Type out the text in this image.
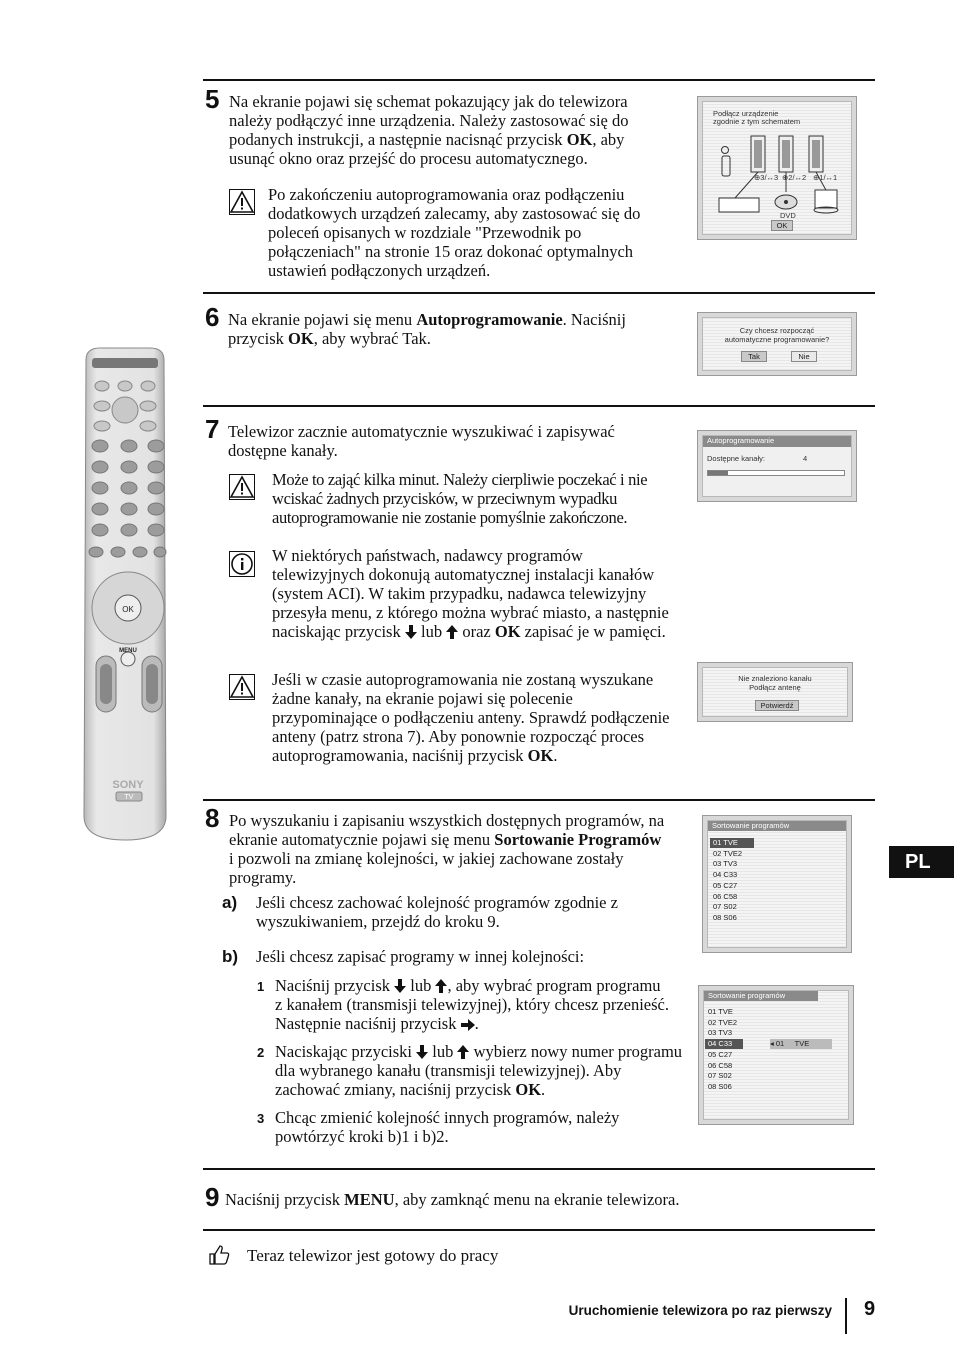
5 Na ekranie pojawi się schemat pokazujący jak do telewizora należy podłączyć inne urządzenia. Należy zastosować się do podanych instrukcji, a następnie nacisnąć przycisk OK, aby usunąć okno oraz przejść do procesu automatycznego.
Po zakończeniu autoprogramowania oraz podłączeniu dodatkowych urządzeń zalecamy, aby zastosować się do poleceń opisanych w rozdziale "Przewodnik po połączeniach" na stronie 15 oraz dokonać optymalnych ustawień podłączonych urządzeń.
Podłącz urządzenie
zgodnie z tym schematem
⊕3/↔3 ⊕2/↔2 ⊕1/↔1
DVD
OK
6 Na ekranie pojawi się menu Autoprogramowanie. Naciśnij przycisk OK, aby wybrać Tak.	Czy chcesz rozpocząć
automatyczne programowanie?
Tak	Nie
7 Telewizor zacznie automatycznie wyszukiwać i zapisywać dostępne kanały.
Może to zająć kilka minut. Należy cierpliwie poczekać i nie wciskać żadnych przycisków, w przeciwnym wypadku autoprogramowanie nie zostanie pomyślnie zakończone.
W niektórych państwach, nadawcy programów telewizyjnych dokonują automatycznej instalacji kanałów (system ACI). W takim przypadku, nadawca telewizyjny przesyła menu, z którego można wybrać miasto, a następnie naciskając przycisk  lub  oraz OK zapisać je w pamięci.
Jeśli w czasie autoprogramowania nie zostaną wyszukane żadne kanały, na ekranie pojawi się polecenie przypominające o podłączeniu anteny. Sprawdź podłączenie anteny (patrz strona 7). Aby ponownie rozpocząć proces autoprogramowania, naciśnij przycisk OK.
Autoprogramowanie
Dostępne kanały:	4
Nie znaleziono kanału
Podłącz antenę
Potwierdź
8 Po wyszukaniu i zapisaniu wszystkich dostępnych programów, na ekranie automatycznie pojawi się menu Sortowanie Programów i pozwoli na zmianę kolejności, w jakiej zachowane zostały programy.
a) Jeśli chcesz zachować kolejność programów zgodnie z wyszukiwaniem, przejdź do kroku 9.
b) Jeśli chcesz zapisać programy w innej kolejności:
1 Naciśnij przycisk  lub , aby wybrać program programu z kanałem (transmisji telewizyjnej), który chcesz przenieść. Następnie naciśnij przycisk .
2 Naciskając przyciski  lub  wybierz nowy numer programu dla wybranego kanału (transmisji telewizyjnej). Aby zachować zmiany, naciśnij przycisk OK.
3 Chcąc zmienić kolejność innych programów, należy powtórzyć kroki b)1 i b)2.
Sortowanie programów
01 TVE
02 TVE2
03 TV3
04 C33
05 C27
06 C58
07 S02
08 S06
Sortowanie programów
01 TVE
02 TVE2
03 TV3
04 C33
05 C27
06 C58
07 S02
08 S06
◂ 01 TVE
9 Naciśnij przycisk MENU, aby zamknąć menu na ekranie telewizora.
Teraz telewizor jest gotowy do pracy
OK
MENU
SONY
TV
PL
Uruchomienie telewizora po raz pierwszy 9
